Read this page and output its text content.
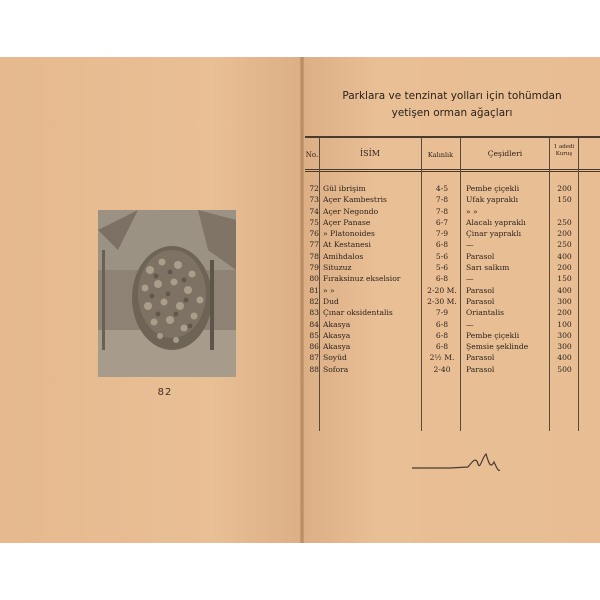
82
Parklara ve tenzinat yolları için tohümdan
yetişen orman ağaçları
No.	İSİM	Kalınlık	Çeşidleri
1 adedi
Kuruş
72 Gül ibrişim	4-5	Pembe çiçekli	200
73 Açer Kambestris	7-8	Ufak yapraklı	150
74 Açer Negondo	7-8	» »
75 Açer Panase	6-7	Alacalı yapraklı	250
76 » Platonoides	7-9	Çinar yapraklı	200
77 At Kestanesi	6-8	—	250
78 Amihdalos	5-6	Parasol	400
79 Situzuz	5-6	Sarı salkım	200
80 Fıraksinuz ekselsior	6-8	—	150
81 » »	2-20 M.	Parasol	400
82 Dud	2-30 M.	Parasol	300
83 Çınar oksidentalis	7-9	Oriantalis	200
84 Akasya	6-8	—	100
85 Akasya	6-8	Pembe çiçekli	300
86 Akasya	6-8	Şemsie şeklinde	300
87 Soyüd	2½ M.	Parasol	400
88 Sofora	2-40	Parasol	500
